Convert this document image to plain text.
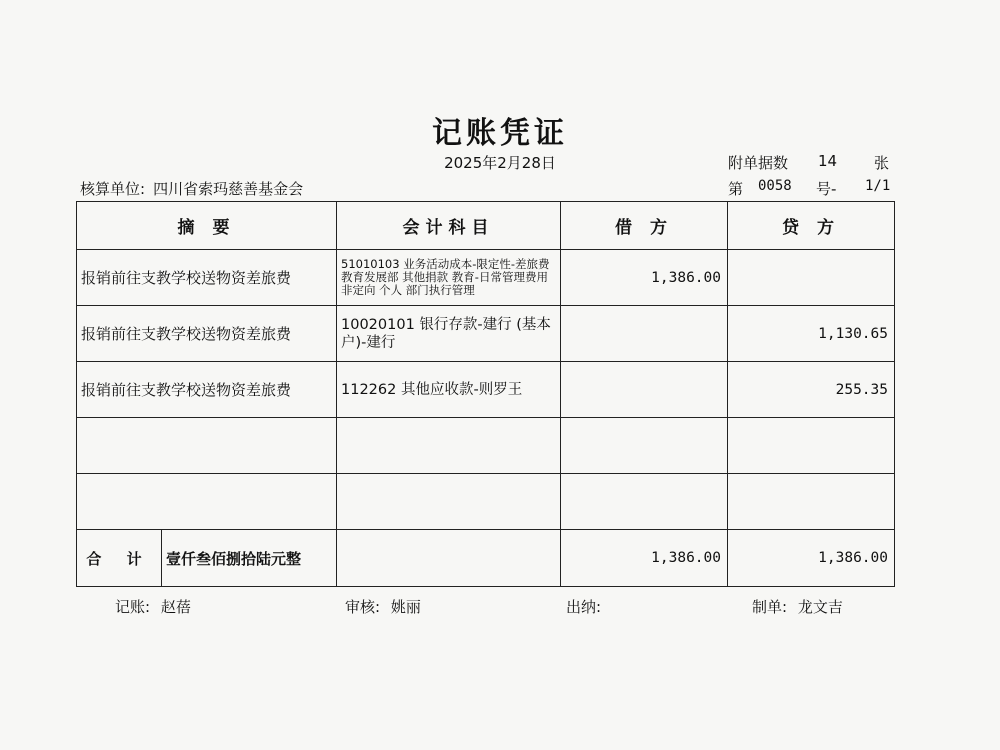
记账凭证
2025年2月28日	附单据数 14 张
核算单位: 四川省索玛慈善基金会	第 0058 号- 1/1
摘 要	会计科目	借 方	贷 方
报销前往支教学校送物资差旅费	51010103 业务活动成本-限定性-差旅费 教育发展部 其他捐款 教育-日常管理费用 非定向 个人 部门执行管理	1,386.00	
报销前往支教学校送物资差旅费	10020101 银行存款-建行 (基本户)-建行		1,130.65
报销前往支教学校送物资差旅费	112262 其他应收款-则罗王		255.35

合 计 壹仟叁佰捌拾陆元整		1,386.00	1,386.00
记账: 赵蓓	审核: 姚丽	出纳:	制单: 龙文吉
